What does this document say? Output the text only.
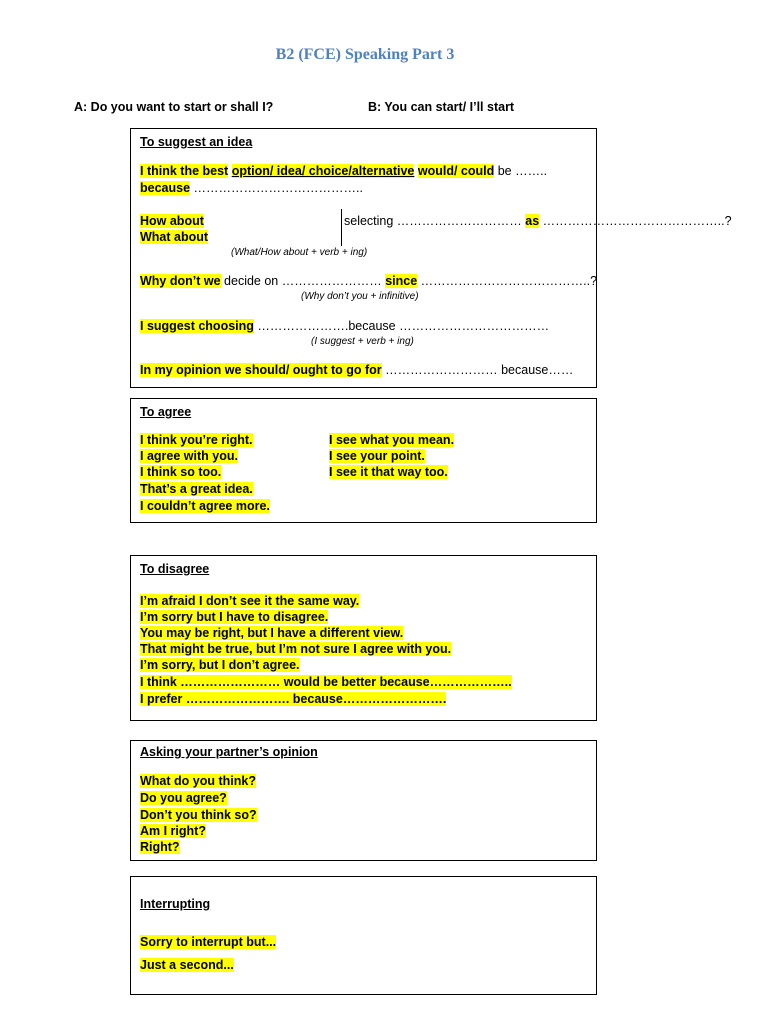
B2 (FCE) Speaking Part 3
A: Do you want to start or shall I?	B: You can start/ I’ll start
To suggest an idea
I think the best option/ idea/ choice/alternative would/ could be ……..
because …………………………………..
How about
What about
selecting ………………………… as ……………………………………..?
(What/How about + verb + ing)
Why don’t we decide on …………………… since …………………………………..?
(Why don’t you + infinitive)
I suggest choosing ………………….because ………………………………
(I suggest + verb + ing)
In my opinion we should/ ought to go for ……………………… because……
To agree
I think you’re right.
I agree with you.
I think so too.
That’s a great idea.
I couldn’t agree more.
I see what you mean.
I see your point.
I see it that way too.
To disagree
I’m afraid I don’t see it the same way.
I’m sorry but I have to disagree.
You may be right, but I have a different view.
That might be true, but I’m not sure I agree with you.
I’m sorry, but I don’t agree.
I think …………………… would be better because………………..
I prefer ……………………. because…………………….
Asking your partner’s opinion
What do you think?
Do you agree?
Don’t you think so?
Am I right?
Right?
Interrupting
Sorry to interrupt but...
Just a second...
